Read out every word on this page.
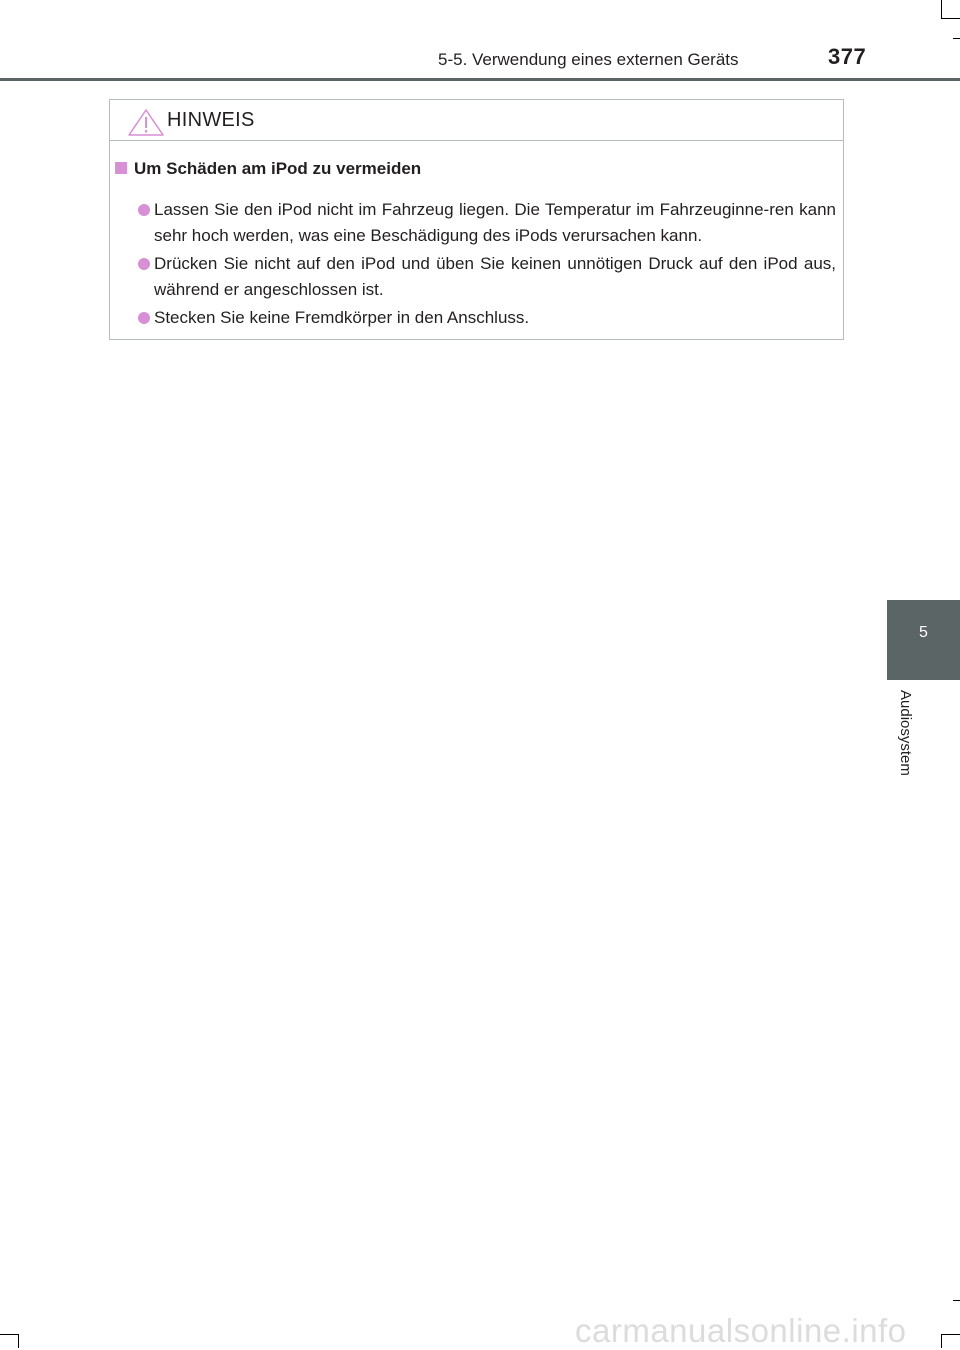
5-5. Verwendung eines externen Geräts	377
HINWEIS
Um Schäden am iPod zu vermeiden
Lassen Sie den iPod nicht im Fahrzeug liegen. Die Temperatur im Fahrzeuginne-ren kann sehr hoch werden, was eine Beschädigung des iPods verursachen kann.
Drücken Sie nicht auf den iPod und üben Sie keinen unnötigen Druck auf den iPod aus, während er angeschlossen ist.
Stecken Sie keine Fremdkörper in den Anschluss.
5
Audiosystem
carmanualsonline.info
